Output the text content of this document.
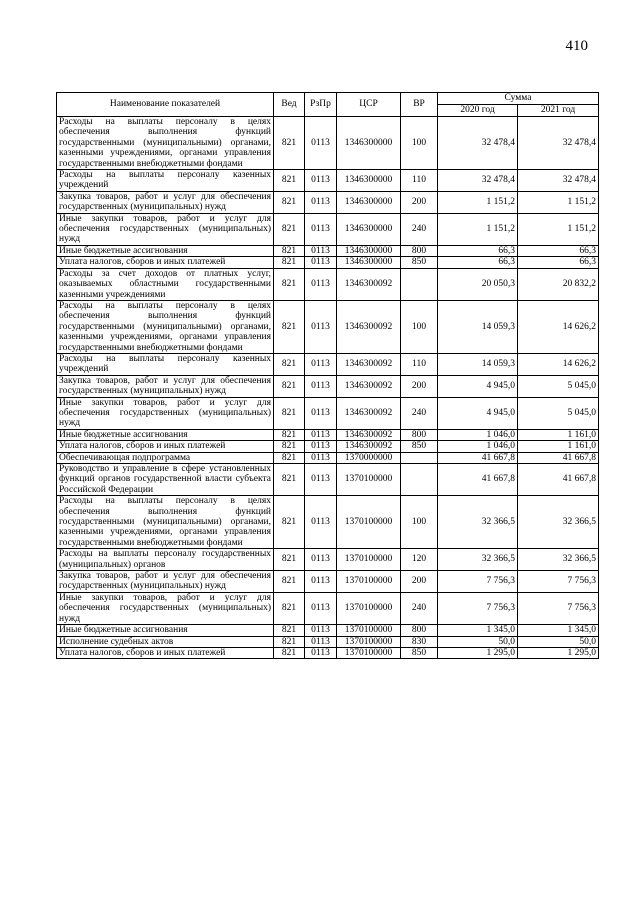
410
Наименование показателей	Вед	РзПр	ЦСР	ВР	Сумма	
					2020 год	2021 год
Расходы на выплаты персоналу в целях обеспечения выполнения функций государственными (муниципальными) органами, казенными учреждениями, органами управления государственными внебюджетными фондами	821	0113	1346300000	100	32 478,4	32 478,4
Расходы на выплаты персоналу казенных учреждений	821	0113	1346300000	110	32 478,4	32 478,4
Закупка товаров, работ и услуг для обеспечения государственных (муниципальных) нужд	821	0113	1346300000	200	1 151,2	1 151,2
Иные закупки товаров, работ и услуг для обеспечения государственных (муниципальных) нужд	821	0113	1346300000	240	1 151,2	1 151,2
Иные бюджетные ассигнования	821	0113	1346300000	800	66,3	66,3
Уплата налогов, сборов и иных платежей	821	0113	1346300000	850	66,3	66,3
Расходы за счет доходов от платных услуг, оказываемых областными государственными казенными учреждениями	821	0113	1346300092		20 050,3	20 832,2
Расходы на выплаты персоналу в целях обеспечения выполнения функций государственными (муниципальными) органами, казенными учреждениями, органами управления государственными внебюджетными фондами	821	0113	1346300092	100	14 059,3	14 626,2
Расходы на выплаты персоналу казенных учреждений	821	0113	1346300092	110	14 059,3	14 626,2
Закупка товаров, работ и услуг для обеспечения государственных (муниципальных) нужд	821	0113	1346300092	200	4 945,0	5 045,0
Иные закупки товаров, работ и услуг для обеспечения государственных (муниципальных) нужд	821	0113	1346300092	240	4 945,0	5 045,0
Иные бюджетные ассигнования	821	0113	1346300092	800	1 046,0	1 161,0
Уплата налогов, сборов и иных платежей	821	0113	1346300092	850	1 046,0	1 161,0
Обеспечивающая подпрограмма	821	0113	1370000000		41 667,8	41 667,8
Руководство и управление в сфере установленных функций органов государственной власти субъекта Российской Федерации	821	0113	1370100000		41 667,8	41 667,8
Расходы на выплаты персоналу в целях обеспечения выполнения функций государственными (муниципальными) органами, казенными учреждениями, органами управления государственными внебюджетными фондами	821	0113	1370100000	100	32 366,5	32 366,5
Расходы на выплаты персоналу государственных (муниципальных) органов	821	0113	1370100000	120	32 366,5	32 366,5
Закупка товаров, работ и услуг для обеспечения государственных (муниципальных) нужд	821	0113	1370100000	200	7 756,3	7 756,3
Иные закупки товаров, работ и услуг для обеспечения государственных (муниципальных) нужд	821	0113	1370100000	240	7 756,3	7 756,3
Иные бюджетные ассигнования	821	0113	1370100000	800	1 345,0	1 345,0
Исполнение судебных актов	821	0113	1370100000	830	50,0	50,0
Уплата налогов, сборов и иных платежей	821	0113	1370100000	850	1 295,0	1 295,0
